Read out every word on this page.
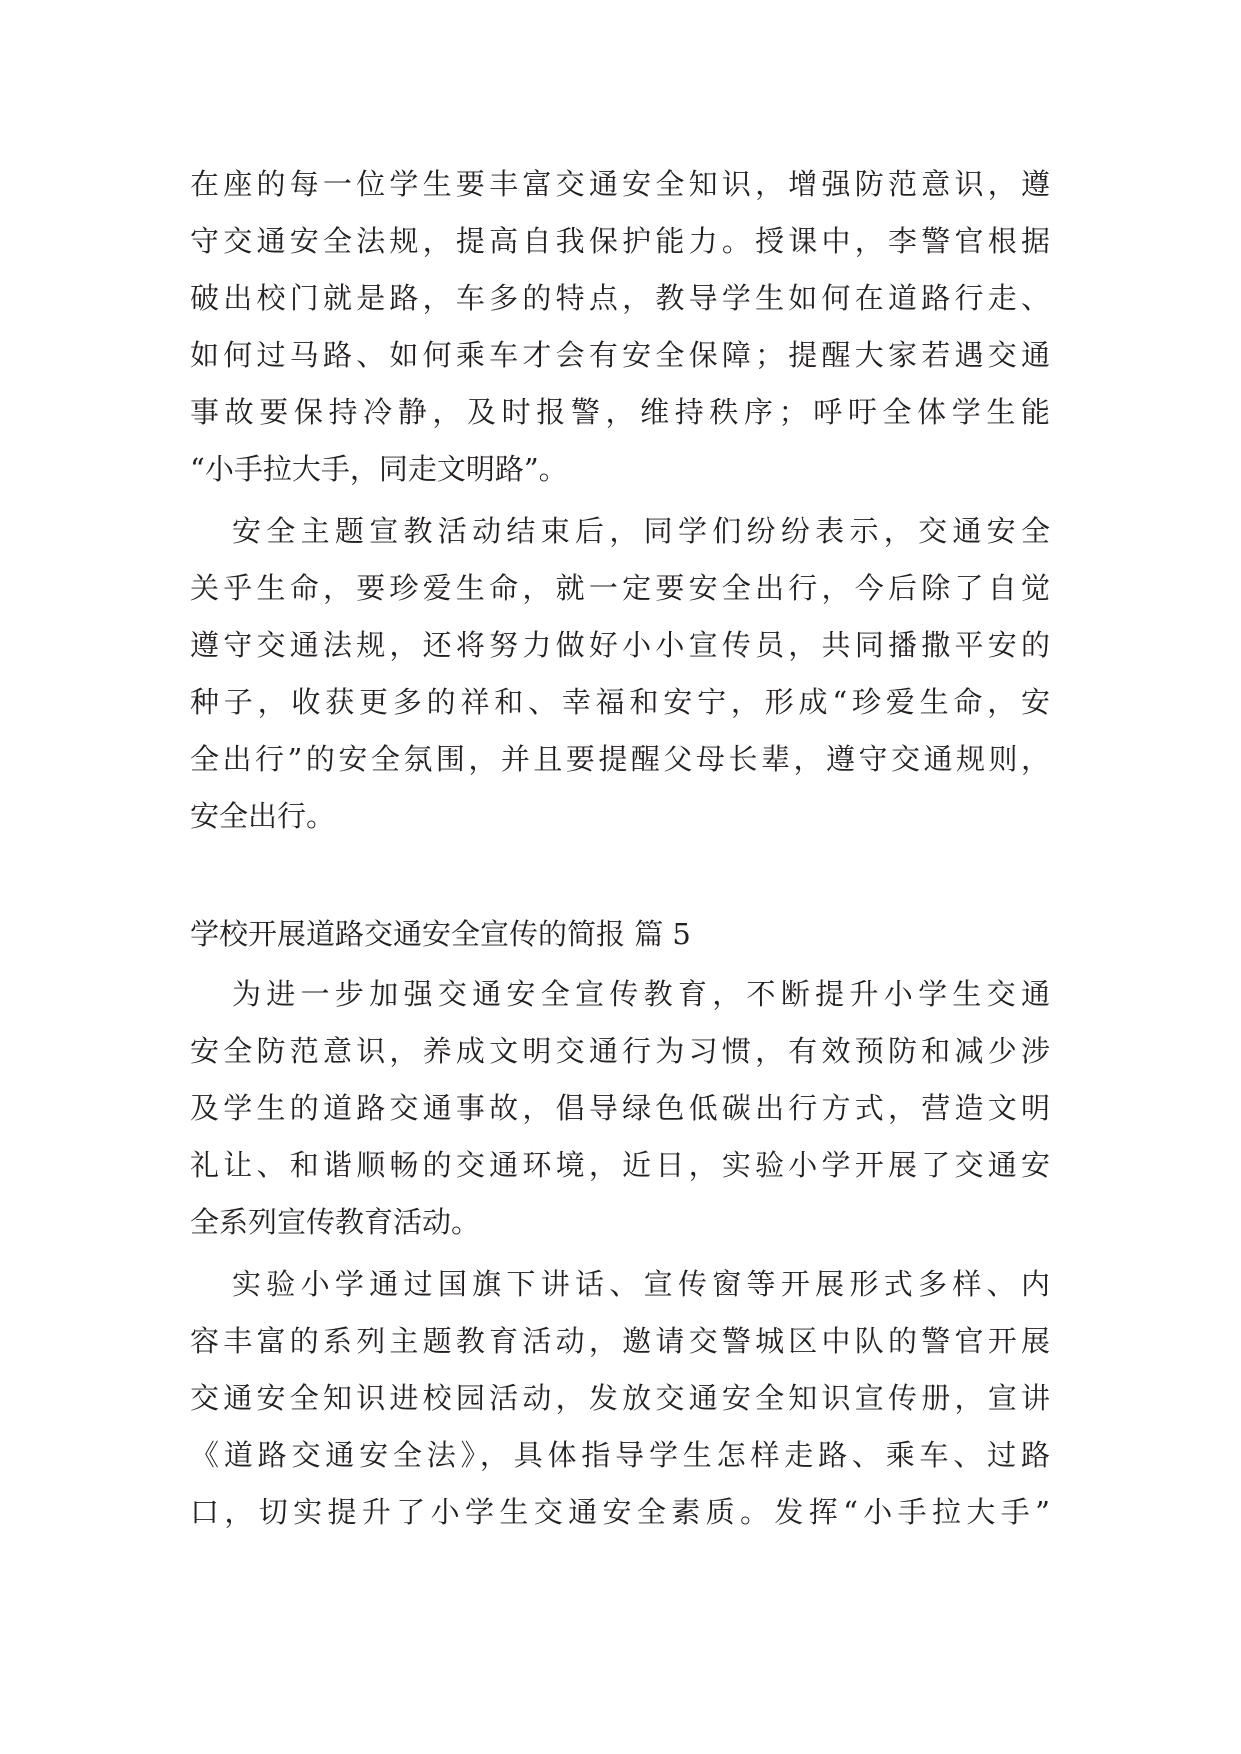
在座的每一位学生要丰富交通安全知识，增强防范意识，遵
守交通安全法规，提高自我保护能力。授课中，李警官根据
破出校门就是路，车多的特点，教导学生如何在道路行走、
如何过马路、如何乘车才会有安全保障；提醒大家若遇交通
事故要保持冷静，及时报警，维持秩序；呼吁全体学生能
“小手拉大手，同走文明路”。
安全主题宣教活动结束后，同学们纷纷表示，交通安全
关乎生命，要珍爱生命，就一定要安全出行，今后除了自觉
遵守交通法规，还将努力做好小小宣传员，共同播撒平安的
种子，收获更多的祥和、幸福和安宁，形成“珍爱生命，安
全出行”的安全氛围，并且要提醒父母长辈，遵守交通规则，
安全出行。
学校开展道路交通安全宣传的简报 篇 5
为进一步加强交通安全宣传教育，不断提升小学生交通
安全防范意识，养成文明交通行为习惯，有效预防和减少涉
及学生的道路交通事故，倡导绿色低碳出行方式，营造文明
礼让、和谐顺畅的交通环境，近日，实验小学开展了交通安
全系列宣传教育活动。
实验小学通过国旗下讲话、宣传窗等开展形式多样、内
容丰富的系列主题教育活动，邀请交警城区中队的警官开展
交通安全知识进校园活动，发放交通安全知识宣传册，宣讲
《道路交通安全法》，具体指导学生怎样走路、乘车、过路
口，切实提升了小学生交通安全素质。发挥“小手拉大手”
